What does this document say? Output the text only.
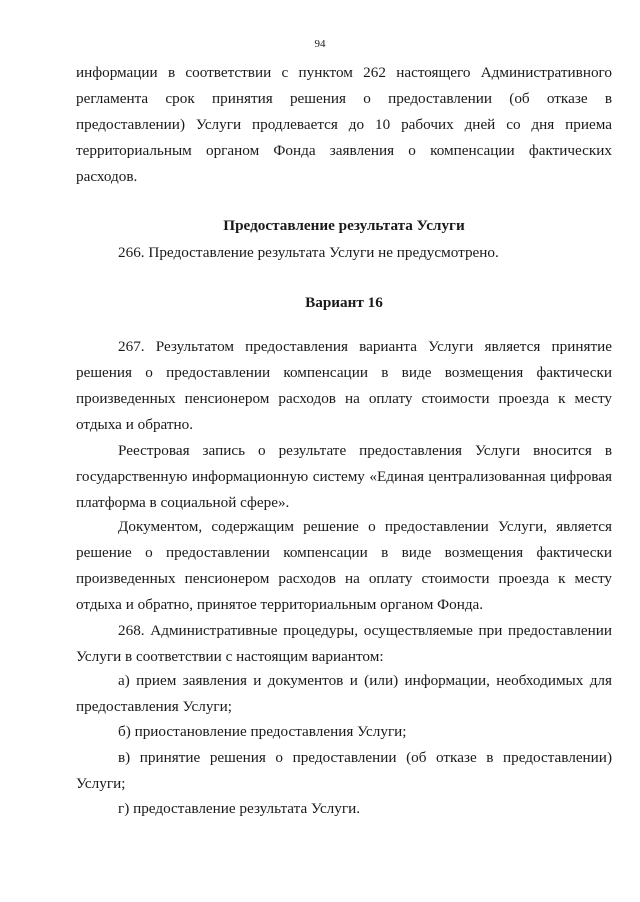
94

информации в соответствии с пунктом 262 настоящего Административного регламента срок принятия решения о предоставлении (об отказе в предоставлении) Услуги продлевается до 10 рабочих дней со дня приема территориальным органом Фонда заявления о компенсации фактических расходов.

Предоставление результата Услуги

266. Предоставление результата Услуги не предусмотрено.

Вариант 16

267. Результатом предоставления варианта Услуги является принятие решения о предоставлении компенсации в виде возмещения фактически произведенных пенсионером расходов на оплату стоимости проезда к месту отдыха и обратно.

Реестровая запись о результате предоставления Услуги вносится в государственную информационную систему «Единая централизованная цифровая платформа в социальной сфере».

Документом, содержащим решение о предоставлении Услуги, является решение о предоставлении компенсации в виде возмещения фактически произведенных пенсионером расходов на оплату стоимости проезда к месту отдыха и обратно, принятое территориальным органом Фонда.

268. Административные процедуры, осуществляемые при предоставлении Услуги в соответствии с настоящим вариантом:

а) прием заявления и документов и (или) информации, необходимых для предоставления Услуги;

б) приостановление предоставления Услуги;

в) принятие решения о предоставлении (об отказе в предоставлении) Услуги;

г) предоставление результата Услуги.
